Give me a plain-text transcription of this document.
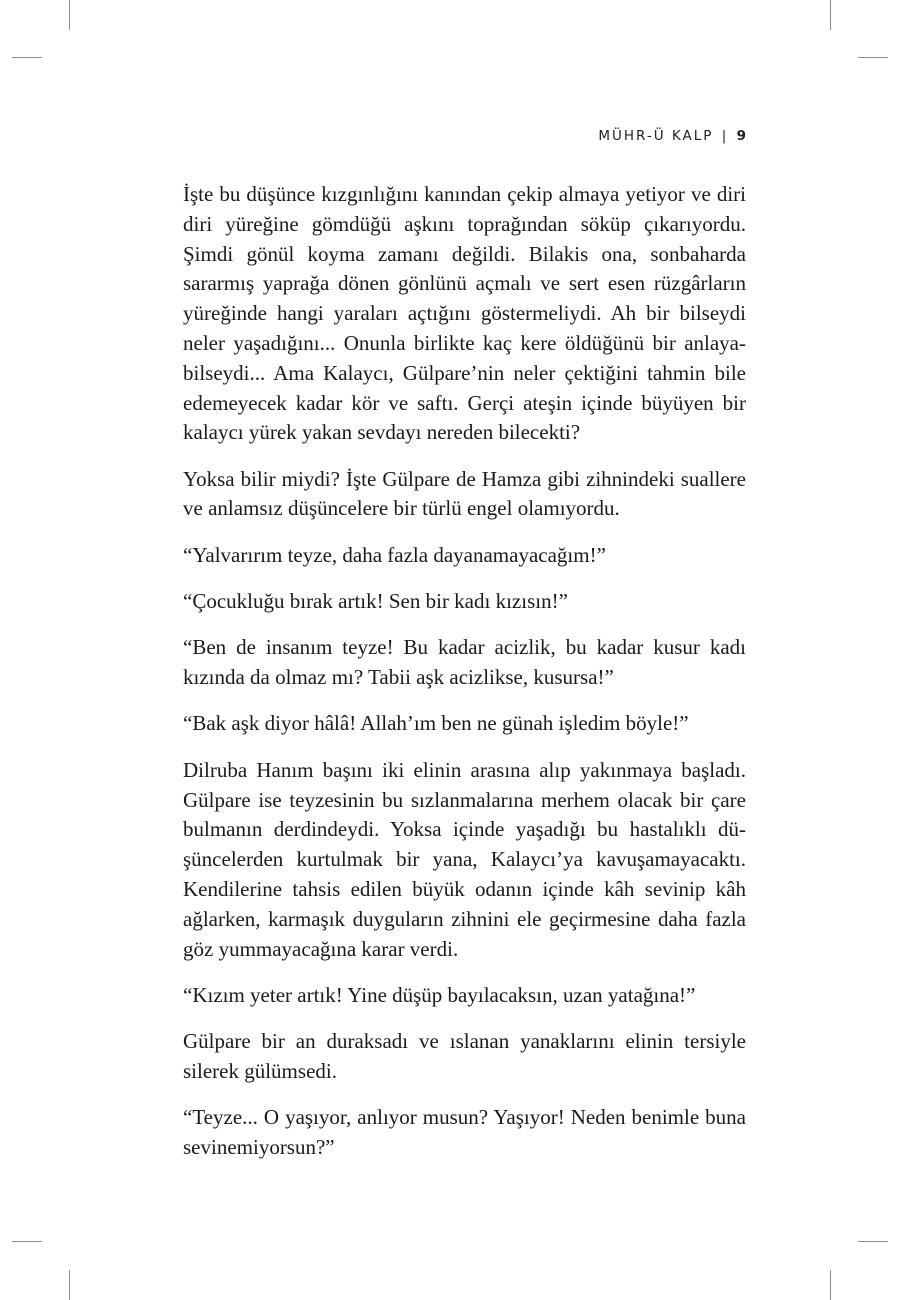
MÜHR-Ü KALP | 9

İşte bu düşünce kızgınlığını kanından çekip almaya yetiyor ve diri diri yüreğine gömdüğü aşkını toprağından söküp çıkarıyordu. Şimdi gönül koyma zamanı değildi. Bilakis ona, sonbaharda sararmış yaprağa dönen gönlünü açmalı ve sert esen rüzgârların yüreğinde hangi yaraları açtığını göstermeliydi. Ah bir bilseydi neler yaşadığını... Onunla birlikte kaç kere öldüğünü bir anlayabilseydi... Ama Kalaycı, Gülpare’nin neler çektiğini tahmin bile edemeyecek kadar kör ve saftı. Gerçi ateşin içinde büyüyen bir kalaycı yürek yakan sevdayı nereden bilecekti?

Yoksa bilir miydi? İşte Gülpare de Hamza gibi zihnindeki suallere ve anlamsız düşüncelere bir türlü engel olamıyordu.

“Yalvarırım teyze, daha fazla dayanamayacağım!”

“Çocukluğu bırak artık! Sen bir kadı kızısın!”

“Ben de insanım teyze! Bu kadar acizlik, bu kadar kusur kadı kızında da olmaz mı? Tabii aşk acizlikse, kusursa!”

“Bak aşk diyor hâlâ! Allah’ım ben ne günah işledim böyle!”

Dilruba Hanım başını iki elinin arasına alıp yakınmaya başladı. Gülpare ise teyzesinin bu sızlanmalarına merhem olacak bir çare bulmanın derdindeydi. Yoksa içinde yaşadığı bu hastalıklı düşüncelerden kurtulmak bir yana, Kalaycı’ya kavuşamayacaktı. Kendilerine tahsis edilen büyük odanın içinde kâh sevinip kâh ağlarken, karmaşık duyguların zihnini ele geçirmesine daha fazla göz yummayacağına karar verdi.

“Kızım yeter artık! Yine düşüp bayılacaksın, uzan yatağına!”

Gülpare bir an duraksadı ve ıslanan yanaklarını elinin tersiyle silerek gülümsedi.

“Teyze... O yaşıyor, anlıyor musun? Yaşıyor! Neden benimle buna sevinemiyorsun?”
